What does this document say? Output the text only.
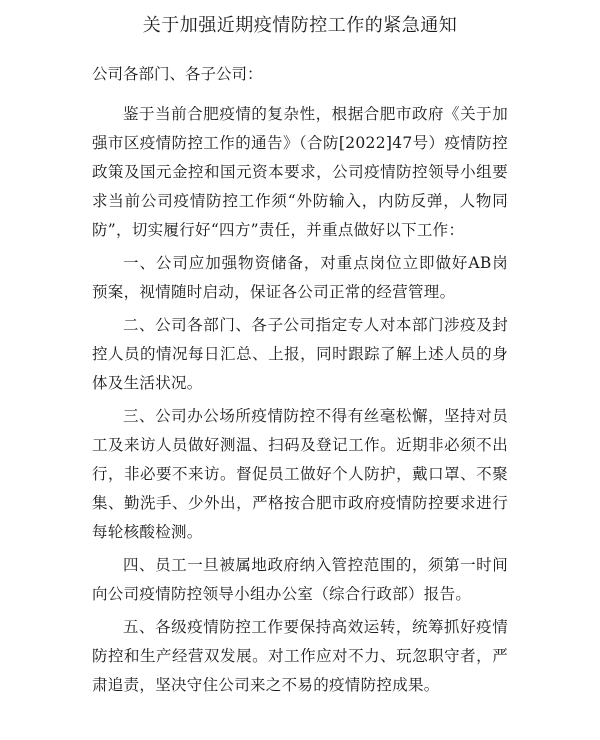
关于加强近期疫情防控工作的紧急通知

公司各部门、各子公司：

鉴于当前合肥疫情的复杂性，根据合肥市政府《关于加强市区疫情防控工作的通告》（合防[2022]47号）疫情防控政策及国元金控和国元资本要求，公司疫情防控领导小组要求当前公司疫情防控工作须“外防输入，内防反弹，人物同防”，切实履行好“四方”责任，并重点做好以下工作：

一、公司应加强物资储备，对重点岗位立即做好AB岗预案，视情随时启动，保证各公司正常的经营管理。

二、公司各部门、各子公司指定专人对本部门涉疫及封控人员的情况每日汇总、上报，同时跟踪了解上述人员的身体及生活状况。

三、公司办公场所疫情防控不得有丝毫松懈，坚持对员工及来访人员做好测温、扫码及登记工作。近期非必须不出行，非必要不来访。督促员工做好个人防护，戴口罩、不聚集、勤洗手、少外出，严格按合肥市政府疫情防控要求进行每轮核酸检测。

四、员工一旦被属地政府纳入管控范围的，须第一时间向公司疫情防控领导小组办公室（综合行政部）报告。

五、各级疫情防控工作要保持高效运转，统筹抓好疫情防控和生产经营双发展。对工作应对不力、玩忽职守者，严肃追责，坚决守住公司来之不易的疫情防控成果。
